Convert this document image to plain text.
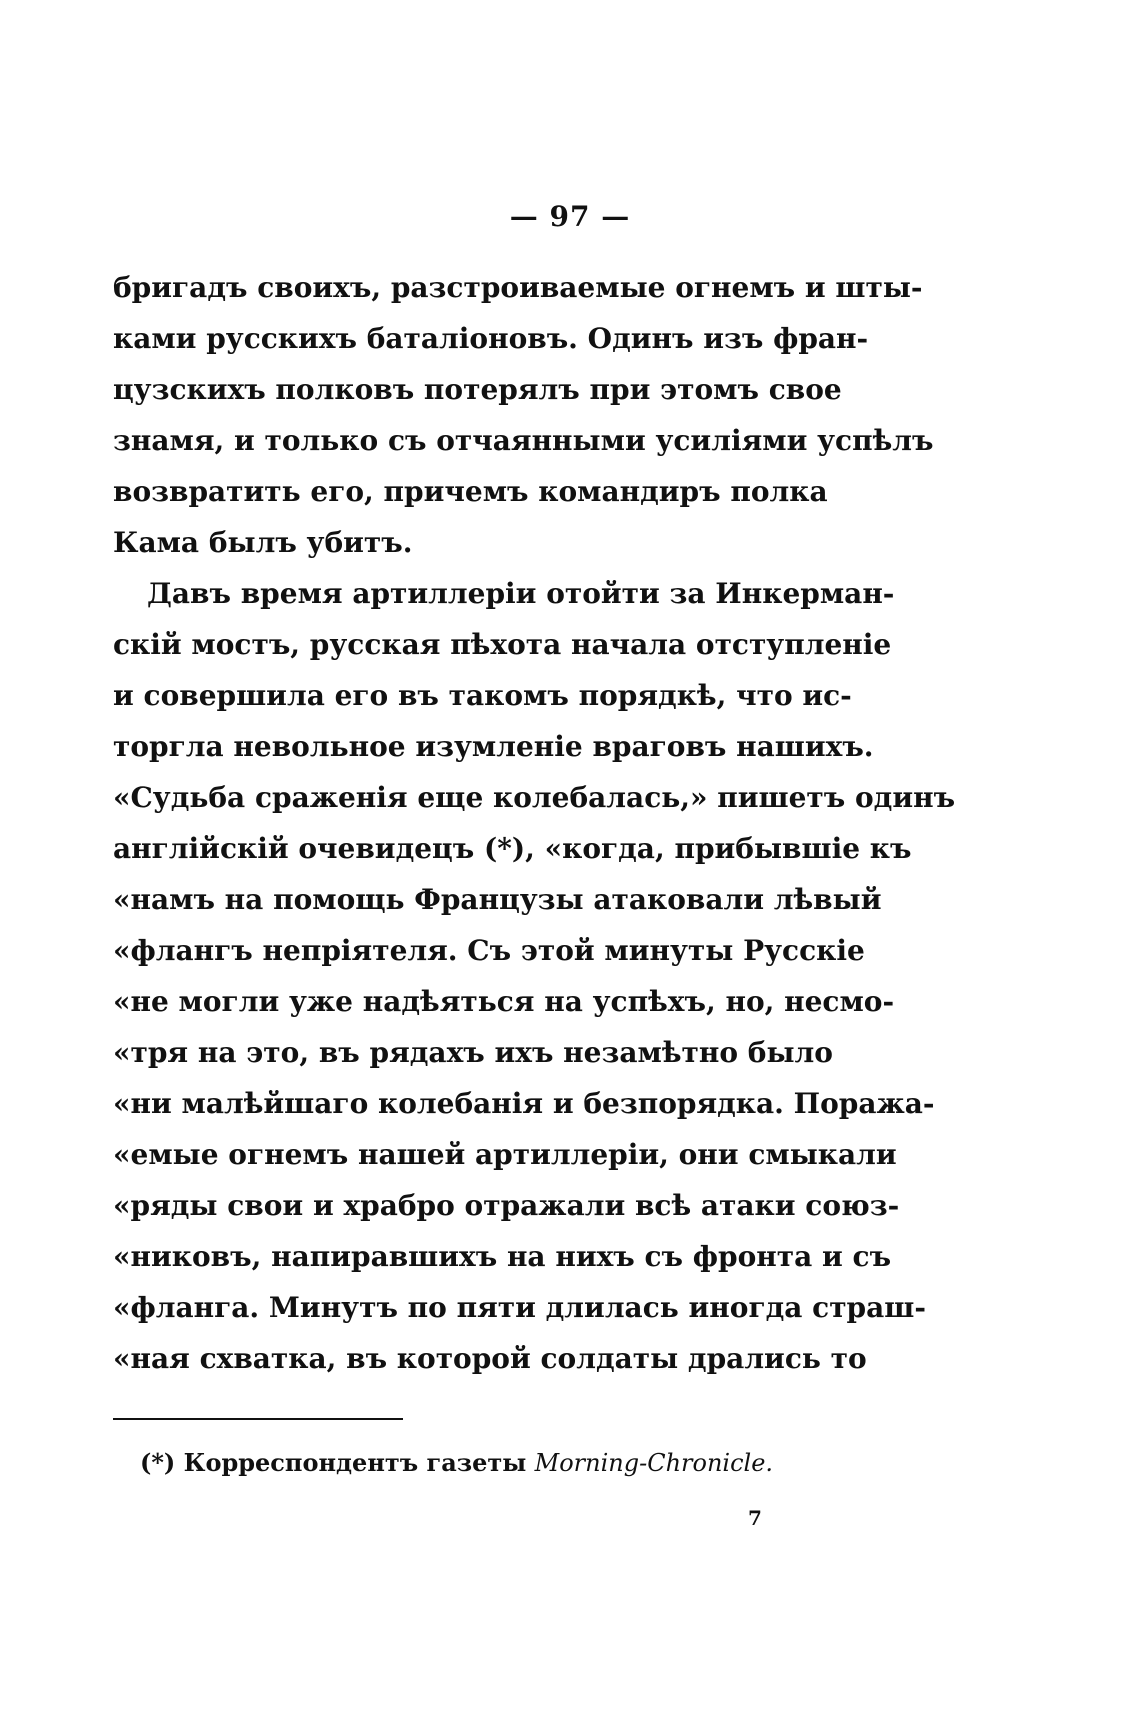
— 97 —
бригадъ своихъ, разстроиваемые огнемъ и шты-
ками русскихъ баталіоновъ. Одинъ изъ фран-
цузскихъ полковъ потерялъ при этомъ свое
знамя, и только съ отчаянными усиліями успѣлъ
возвратить его, причемъ командиръ полка
Кама былъ убитъ.
Давъ время артиллеріи отойти за Инкерман-
скій мостъ, русская пѣхота начала отступленіе
и совершила его въ такомъ порядкѣ, что ис-
торгла невольное изумленіе враговъ нашихъ.
«Судьба сраженія еще колебалась,» пишетъ одинъ
англійскій очевидецъ (*), «когда, прибывшіе къ
«намъ на помощь Французы атаковали лѣвый
«флангъ непріятеля. Съ этой минуты Русскіе
«не могли уже надѣяться на успѣхъ, но, несмо-
«тря на это, въ рядахъ ихъ незамѣтно было
«ни малѣйшаго колебанія и безпорядка. Поража-
«емые огнемъ нашей артиллеріи, они смыкали
«ряды свои и храбро отражали всѣ атаки союз-
«никовъ, напиравшихъ на нихъ съ фронта и съ
«фланга. Минутъ по пяти длилась иногда страш-
«ная схватка, въ которой солдаты дрались то
(*) Корреспондентъ газеты Morning-Chronicle.
7
